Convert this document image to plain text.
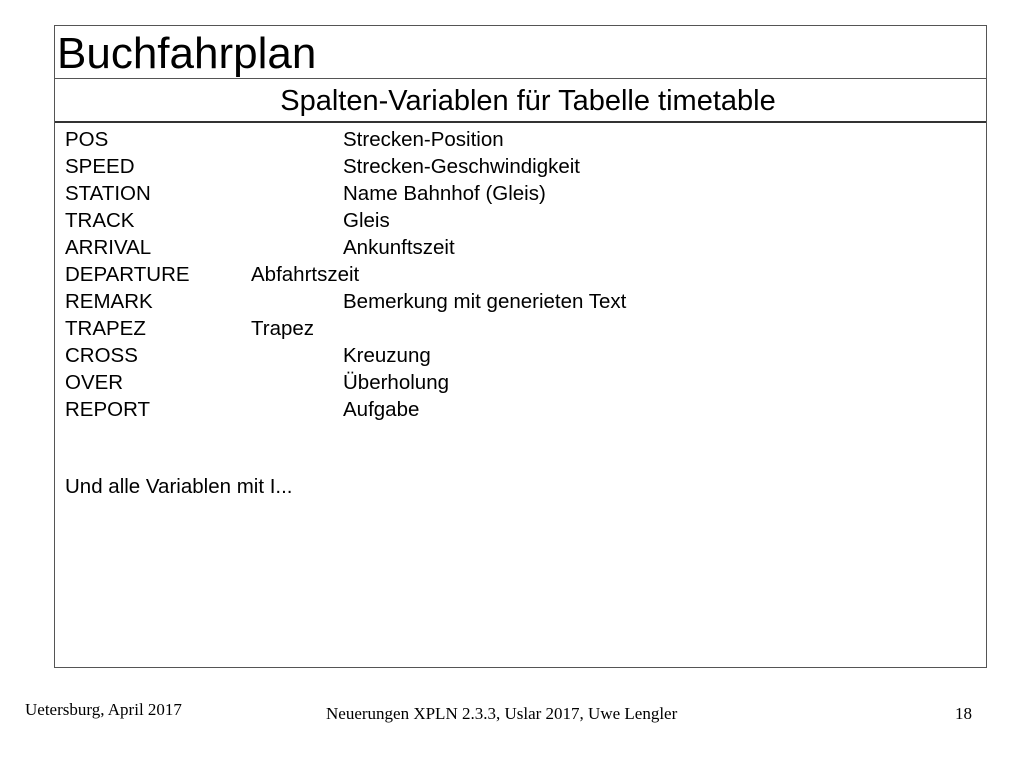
Buchfahrplan
Spalten-Variablen für Tabelle timetable
POS	Strecken-Position
SPEED	Strecken-Geschwindigkeit
STATION	Name Bahnhof (Gleis)
TRACK	Gleis
ARRIVAL	Ankunftszeit
DEPARTURE	Abfahrtszeit
REMARK	Bemerkung mit generieten Text
TRAPEZ	Trapez
CROSS	Kreuzung
OVER	Überholung
REPORT	Aufgabe
Und alle Variablen mit I...
Uetersburg, April 2017	Neuerungen XPLN 2.3.3, Uslar 2017, Uwe Lengler	18
